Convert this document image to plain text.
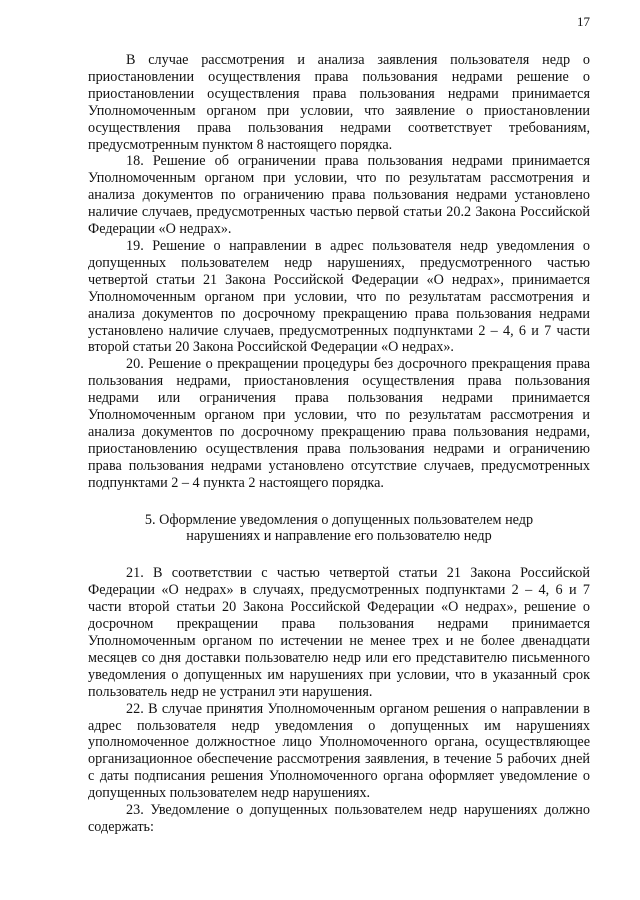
17

В случае рассмотрения и анализа заявления пользователя недр о приостановлении осуществления права пользования недрами решение о приостановлении осуществления права пользования недрами принимается Уполномоченным органом при условии, что заявление о приостановлении осуществления права пользования недрами соответствует требованиям, предусмотренным пунктом 8 настоящего порядка.

18. Решение об ограничении права пользования недрами принимается Уполномоченным органом при условии, что по результатам рассмотрения и анализа документов по ограничению права пользования недрами установлено наличие случаев, предусмотренных частью первой статьи 20.2 Закона Российской Федерации «О недрах».

19. Решение о направлении в адрес пользователя недр уведомления о допущенных пользователем недр нарушениях, предусмотренного частью четвертой статьи 21 Закона Российской Федерации «О недрах», принимается Уполномоченным органом при условии, что по результатам рассмотрения и анализа документов по досрочному прекращению права пользования недрами установлено наличие случаев, предусмотренных подпунктами 2 – 4, 6 и 7 части второй статьи 20 Закона Российской Федерации «О недрах».

20. Решение о прекращении процедуры без досрочного прекращения права пользования недрами, приостановления осуществления права пользования недрами или ограничения права пользования недрами принимается Уполномоченным органом при условии, что по результатам рассмотрения и анализа документов по досрочному прекращению права пользования недрами, приостановлению осуществления права пользования недрами и ограничению права пользования недрами установлено отсутствие случаев, предусмотренных подпунктами 2 – 4 пункта 2 настоящего порядка.

5. Оформление уведомления о допущенных пользователем недр
нарушениях и направление его пользователю недр

21. В соответствии с частью четвертой статьи 21 Закона Российской Федерации «О недрах» в случаях, предусмотренных подпунктами 2 – 4, 6 и 7 части второй статьи 20 Закона Российской Федерации «О недрах», решение о досрочном прекращении права пользования недрами принимается Уполномоченным органом по истечении не менее трех и не более двенадцати месяцев со дня доставки пользователю недр или его представителю письменного уведомления о допущенных им нарушениях при условии, что в указанный срок пользователь недр не устранил эти нарушения.

22. В случае принятия Уполномоченным органом решения о направлении в адрес пользователя недр уведомления о допущенных им нарушениях уполномоченное должностное лицо Уполномоченного органа, осуществляющее организационное обеспечение рассмотрения заявления, в течение 5 рабочих дней с даты подписания решения Уполномоченного органа оформляет уведомление о допущенных пользователем недр нарушениях.

23. Уведомление о допущенных пользователем недр нарушениях должно содержать:
